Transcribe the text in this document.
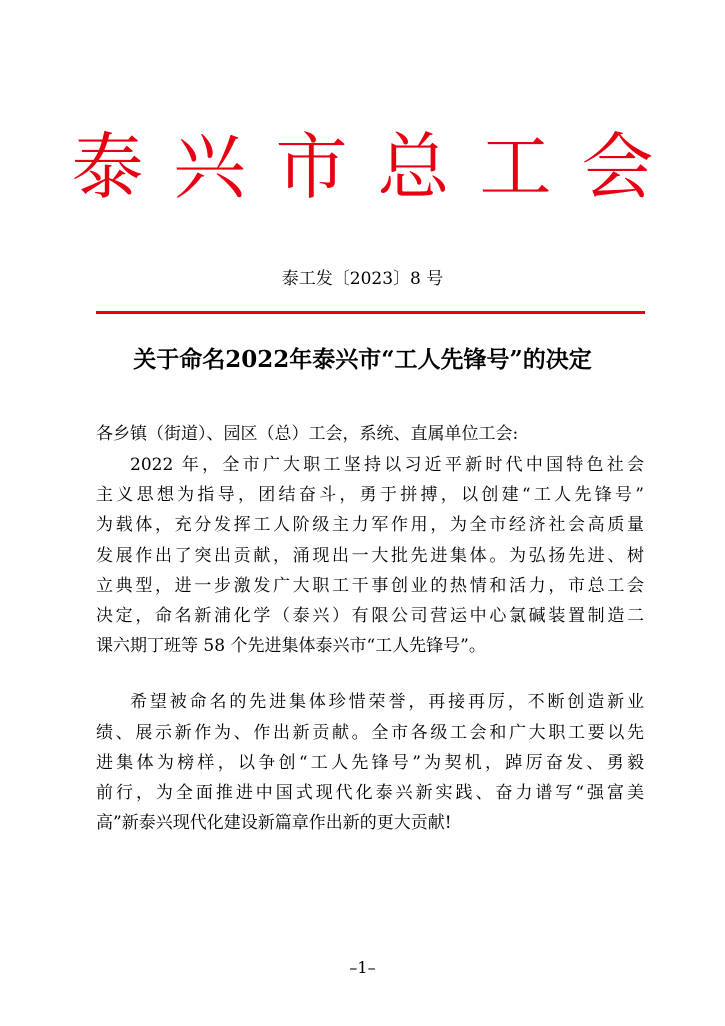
泰兴市总工会
泰工发〔2023〕8 号
关于命名2022年泰兴市“工人先锋号”的决定
各乡镇（街道）、园区（总）工会，系统、直属单位工会:
2022 年，全市广大职工坚持以习近平新时代中国特色社会
主义思想为指导，团结奋斗，勇于拼搏，以创建“工人先锋号”
为载体，充分发挥工人阶级主力军作用，为全市经济社会高质量
发展作出了突出贡献，涌现出一大批先进集体。为弘扬先进、树
立典型，进一步激发广大职工干事创业的热情和活力，市总工会
决定，命名新浦化学（泰兴）有限公司营运中心氯碱装置制造二
课六期丁班等 58 个先进集体泰兴市“工人先锋号”。
希望被命名的先进集体珍惜荣誉，再接再厉，不断创造新业
绩、展示新作为、作出新贡献。全市各级工会和广大职工要以先
进集体为榜样，以争创“工人先锋号”为契机，踔厉奋发、勇毅
前行，为全面推进中国式现代化泰兴新实践、奋力谱写“强富美
高”新泰兴现代化建设新篇章作出新的更大贡献!
–1–
